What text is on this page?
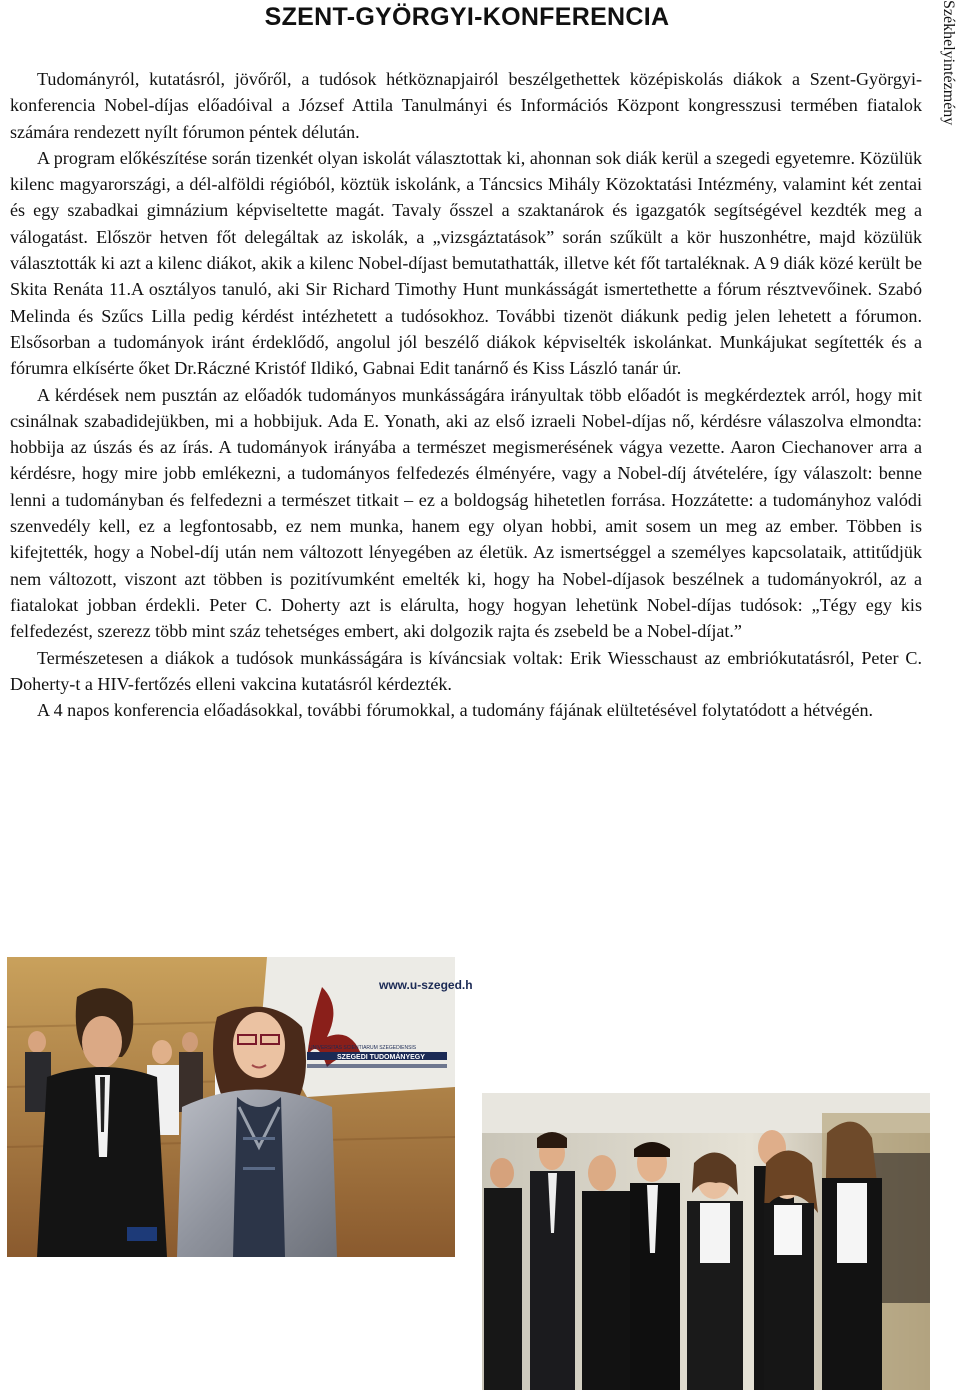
SZENT-GYÖRGYI-KONFERENCIA	Székhelyintézmény

Tudományról, kutatásról, jövőről, a tudósok hétköznapjairól beszélgethettek középiskolás diákok a Szent-Györgyi-konferencia Nobel-díjas előadóival a József Attila Tanulmányi és Információs Központ kongresszusi termében fiatalok számára rendezett nyílt fórumon péntek délután.

A program előkészítése során tizenkét olyan iskolát választottak ki, ahonnan sok diák kerül a szegedi egyetemre. Közülük kilenc magyarországi, a dél-alföldi régióból, köztük iskolánk, a Táncsics Mihály Közoktatási Intézmény, valamint két zentai és egy szabadkai gimnázium képviseltette magát. Tavaly ősszel a szaktanárok és igazgatók segítségével kezdték meg a válogatást. Először hetven főt delegáltak az iskolák, a „vizsgáztatások” során szűkült a kör huszonhétre, majd közülük választották ki azt a kilenc diákot, akik a kilenc Nobel-díjast bemutathatták, illetve két főt tartaléknak. A 9 diák közé került be Skita Renáta 11.A osztályos tanuló, aki Sir Richard Timothy Hunt munkásságát ismertethette a fórum résztvevőinek. Szabó Melinda és Szűcs Lilla pedig kérdést intézhetett a tudósokhoz. További tizenöt diákunk pedig jelen lehetett a fórumon. Elsősorban a tudományok iránt érdeklődő, angolul jól beszélő diákok képviselték iskolánkat. Munkájukat segítették és a fórumra elkísérte őket Dr.Ráczné Kristóf Ildikó, Gabnai Edit tanárnő és Kiss László tanár úr.

A kérdések nem pusztán az előadók tudományos munkásságára irányultak több előadót is megkérdeztek arról, hogy mit csinálnak szabadidejükben, mi a hobbijuk. Ada E. Yonath, aki az első izraeli Nobel-díjas nő, kérdésre válaszolva elmondta: hobbija az úszás és az írás. A tudományok irányába a természet megismerésének vágya vezette. Aaron Ciechanover arra a kérdésre, hogy mire jobb emlékezni, a tudományos felfedezés élményére, vagy a Nobel-díj átvételére, így válaszolt: benne lenni a tudományban és felfedezni a természet titkait – ez a boldogság hihetetlen forrása. Hozzátette: a tudományhoz valódi szenvedély kell, ez a legfontosabb, ez nem munka, hanem egy olyan hobbi, amit sosem un meg az ember. Többen is kifejtették, hogy a Nobel-díj után nem változott lényegében az életük. Az ismertséggel a személyes kapcsolataik, attitűdjük nem változott, viszont azt többen is pozitívumként emelték ki, hogy ha Nobel-díjasok beszélnek a tudományokról, az a fiatalokat jobban érdekli. Peter C. Doherty azt is elárulta, hogy hogyan lehetünk Nobel-díjas tudósok: „Tégy egy kis felfedezést, szerezz több mint száz tehetséges embert, aki dolgozik rajta és zsebeld be a Nobel-díjat.”

Természetesen a diákok a tudósok munkásságára is kíváncsiak voltak: Erik Wiesschaust az embriókutatásról, Peter C. Doherty-t a HIV-fertőzés elleni vakcina kutatásról kérdezték.

A 4 napos konferencia előadásokkal, további fórumokkal, a tudomány fájának elültetésével folytatódott a hétvégén.

www.u-szeged.h
UNIVERSITAS SCIENTIARUM SZEGEDIENSIS
SZEGEDI TUDOMÁNYEGY
